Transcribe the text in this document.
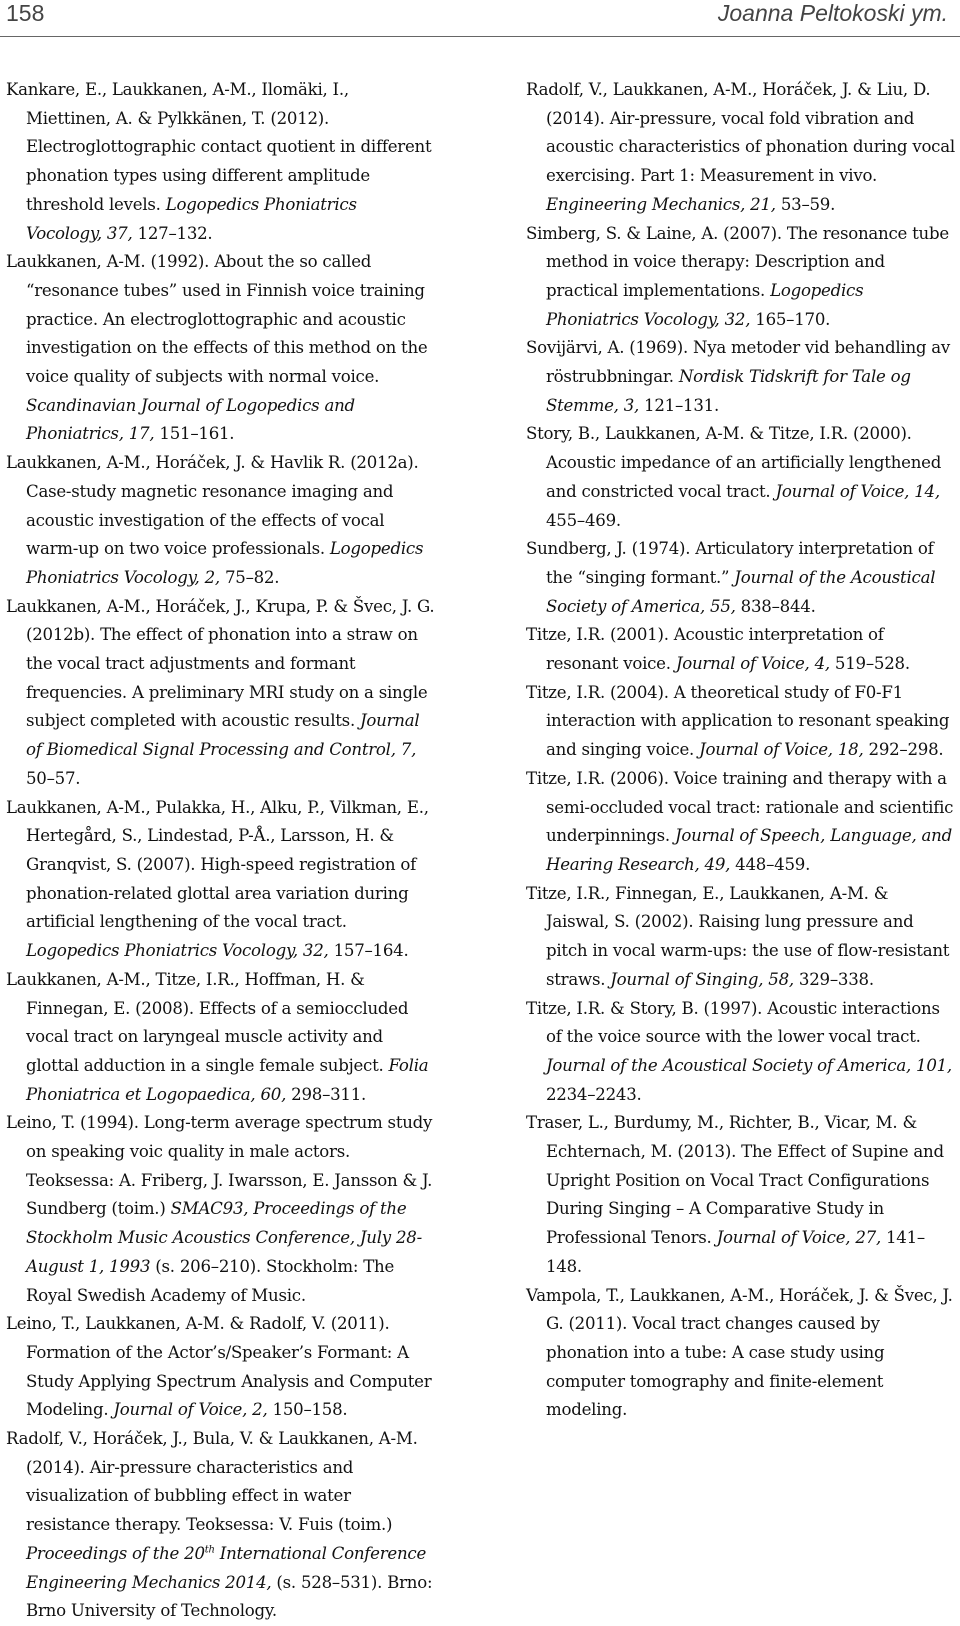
158	Joanna Peltokoski ym.

Kankare, E., Laukkanen, A-M., Ilomäki, I., Miettinen, A. & Pylkkänen, T. (2012). Electroglottographic contact quotient in different phonation types using different amplitude threshold levels. Logopedics Phoniatrics Vocology, 37, 127–132.

Laukkanen, A-M. (1992). About the so called “resonance tubes” used in Finnish voice training practice. An electroglottographic and acoustic investigation on the effects of this method on the voice quality of subjects with normal voice. Scandinavian Journal of Logopedics and Phoniatrics, 17, 151–161.

Laukkanen, A-M., Horáček, J. & Havlik R. (2012a). Case-study magnetic resonance imaging and acoustic investigation of the effects of vocal warm-up on two voice professionals. Logopedics Phoniatrics Vocology, 2, 75–82.

Laukkanen, A-M., Horáček, J., Krupa, P. & Švec, J. G. (2012b). The effect of phonation into a straw on the vocal tract adjustments and formant frequencies. A preliminary MRI study on a single subject completed with acoustic results. Journal of Biomedical Signal Processing and Control, 7, 50–57.

Laukkanen, A-M., Pulakka, H., Alku, P., Vilkman, E., Hertegård, S., Lindestad, P-Å., Larsson, H. & Granqvist, S. (2007). High-speed registration of phonation-related glottal area variation during artificial lengthening of the vocal tract. Logopedics Phoniatrics Vocology, 32, 157–164.

Laukkanen, A-M., Titze, I.R., Hoffman, H. & Finnegan, E. (2008). Effects of a semioccluded vocal tract on laryngeal muscle activity and glottal adduction in a single female subject. Folia Phoniatrica et Logopaedica, 60, 298–311.

Leino, T. (1994). Long-term average spectrum study on speaking voic quality in male actors. Teoksessa: A. Friberg, J. Iwarsson, E. Jansson & J. Sundberg (toim.) SMAC93, Proceedings of the Stockholm Music Acoustics Conference, July 28-August 1, 1993 (s. 206–210). Stockholm: The Royal Swedish Academy of Music.

Leino, T., Laukkanen, A-M. & Radolf, V. (2011). Formation of the Actor’s/Speaker’s Formant: A Study Applying Spectrum Analysis and Computer Modeling. Journal of Voice, 2, 150–158.

Radolf, V., Horáček, J., Bula, V. & Laukkanen, A-M. (2014). Air-pressure characteristics and visualization of bubbling effect in water resistance therapy. Teoksessa: V. Fuis (toim.) Proceedings of the 20th International Conference Engineering Mechanics 2014, (s. 528–531). Brno: Brno University of Technology.

Radolf, V., Laukkanen, A-M., Horáček, J. & Liu, D. (2014). Air-pressure, vocal fold vibration and acoustic characteristics of phonation during vocal exercising. Part 1: Measurement in vivo. Engineering Mechanics, 21, 53–59.

Simberg, S. & Laine, A. (2007). The resonance tube method in voice therapy: Description and practical implementations. Logopedics Phoniatrics Vocology, 32, 165–170.

Sovijärvi, A. (1969). Nya metoder vid behandling av röstrubbningar. Nordisk Tidskrift for Tale og Stemme, 3, 121–131.

Story, B., Laukkanen, A-M. & Titze, I.R. (2000). Acoustic impedance of an artificially lengthened and constricted vocal tract. Journal of Voice, 14, 455–469.

Sundberg, J. (1974). Articulatory interpretation of the “singing formant.” Journal of the Acoustical Society of America, 55, 838–844.

Titze, I.R. (2001). Acoustic interpretation of resonant voice. Journal of Voice, 4, 519–528.

Titze, I.R. (2004). A theoretical study of F0-F1 interaction with application to resonant speaking and singing voice. Journal of Voice, 18, 292–298.

Titze, I.R. (2006). Voice training and therapy with a semi-occluded vocal tract: rationale and scientific underpinnings. Journal of Speech, Language, and Hearing Research, 49, 448–459.

Titze, I.R., Finnegan, E., Laukkanen, A-M. & Jaiswal, S. (2002). Raising lung pressure and pitch in vocal warm-ups: the use of flow-resistant straws. Journal of Singing, 58, 329–338.

Titze, I.R. & Story, B. (1997). Acoustic interactions of the voice source with the lower vocal tract. Journal of the Acoustical Society of America, 101, 2234–2243.

Traser, L., Burdumy, M., Richter, B., Vicar, M. & Echternach, M. (2013). The Effect of Supine and Upright Position on Vocal Tract Configurations During Singing – A Comparative Study in Professional Tenors. Journal of Voice, 27, 141–148.

Vampola, T., Laukkanen, A-M., Horáček, J. & Švec, J. G. (2011). Vocal tract changes caused by phonation into a tube: A case study using computer tomography and finite-element modeling.
